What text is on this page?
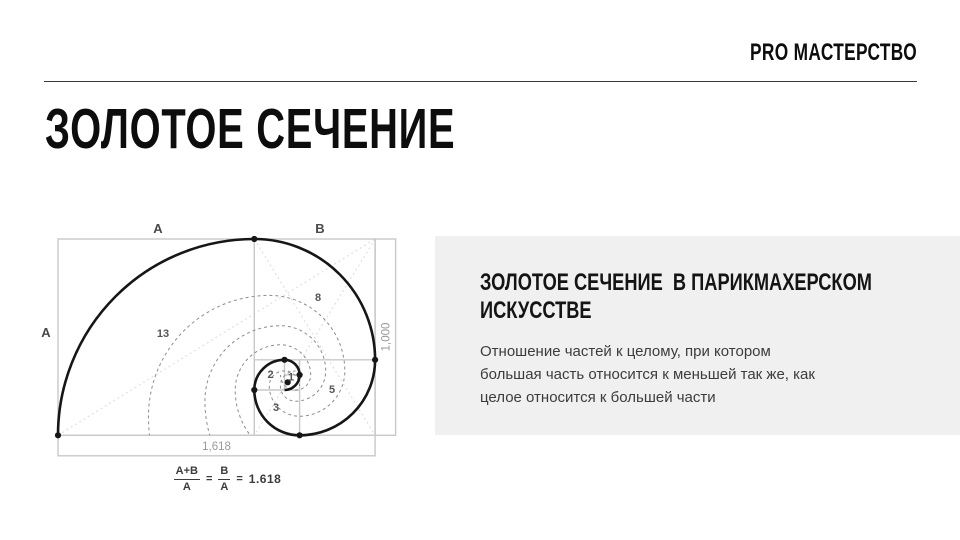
PRO МАСТЕРСТВО
ЗОЛОТОЕ СЕЧЕНИЕ
A	B
A	13
8
5
3
2 1
1,618
1,000
$\frac{A+B}{A} = \frac{B}{A} = 1.618$
ЗОЛОТОЕ СЕЧЕНИЕ  В ПАРИКМАХЕРСКОМ
ИСКУССТВЕ
Отношение частей к целому, при котором
большая часть относится к меньшей так же, как
целое относится к большей части
